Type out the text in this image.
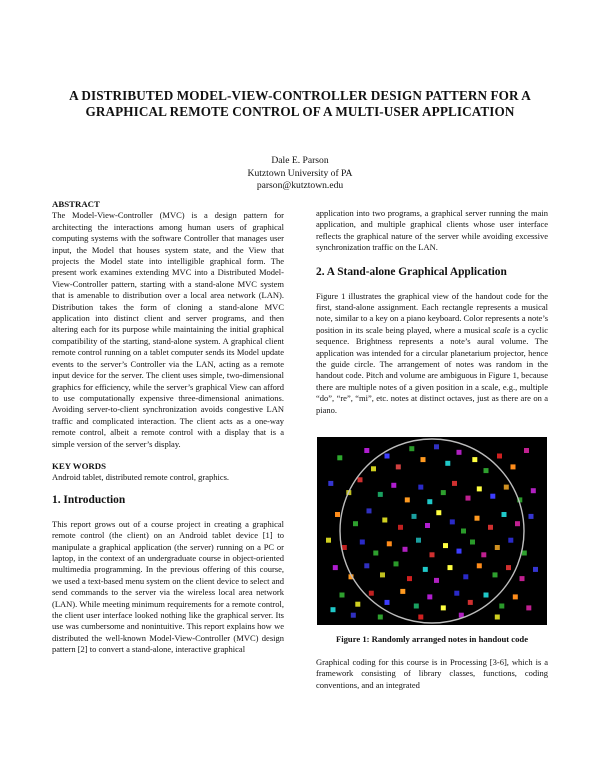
A DISTRIBUTED MODEL-VIEW-CONTROLLER DESIGN PATTERN FOR A
GRAPHICAL REMOTE CONTROL OF A MULTI-USER APPLICATION
Dale E. Parson
Kutztown University of PA
parson@kutztown.edu

ABSTRACT

The Model-View-Controller (MVC) is a design pattern for architecting the interactions among human users of graphical computing systems with the software Controller that manages user input, the Model that houses system state, and the View that projects the Model state into intelligible graphical form. The present work examines extending MVC into a Distributed Model-View-Controller pattern, starting with a stand-alone MVC system that is amenable to distribution over a local area network (LAN). Distribution takes the form of cloning a stand-alone MVC application into distinct client and server programs, and then altering each for its purpose while maintaining the initial graphical compatibility of the starting, stand-alone system. A graphical client remote control running on a tablet computer sends its Model update events to the server’s Controller via the LAN, acting as a remote input device for the server. The client uses simple, two-dimensional graphics for efficiency, while the server’s graphical View can afford to use computationally expensive three-dimensional animations. Avoiding server-to-client synchronization avoids congestive LAN traffic and complicated interaction. The client acts as a one-way remote control, albeit a remote control with a display that is a simple version of the server’s display.

KEY WORDS

Android tablet, distributed remote control, graphics.

1. Introduction

This report grows out of a course project in creating a graphical remote control (the client) on an Android tablet device [1] to manipulate a graphical application (the server) running on a PC or laptop, in the context of an undergraduate course in object-oriented multimedia programming. In the previous offering of this course, we used a text-based menu system on the client device to select and send commands to the server via the wireless local area network (LAN). While meeting minimum requirements for a remote control, the client user interface looked nothing like the graphical server. Its use was cumbersome and nonintuitive. This report explains how we distributed the well-known Model-View-Controller (MVC) design pattern [2] to convert a stand-alone, interactive graphical

application into two programs, a graphical server running the main application, and multiple graphical clients whose user interface reflects the graphical nature of the server while avoiding excessive synchronization traffic on the LAN.

2. A Stand-alone Graphical Application

Figure 1 illustrates the graphical view of the handout code for the first, stand-alone assignment. Each rectangle represents a musical note, similar to a key on a piano keyboard. Color represents a note’s position in its scale being played, where a musical scale is a cyclic sequence. Brightness represents a note’s aural volume. The application was intended for a circular planetarium projector, hence the guide circle. The arrangement of notes was random in the handout code. Pitch and volume are ambiguous in Figure 1, because there are multiple notes of a given position in a scale, e.g., multiple “do”, “re”, “mi”, etc. notes at distinct octaves, just as there are on a piano.

Figure 1: Randomly arranged notes in handout code
Graphical coding for this course is in Processing [3-6], which is a framework consisting of library classes, functions, coding conventions, and an integrated
